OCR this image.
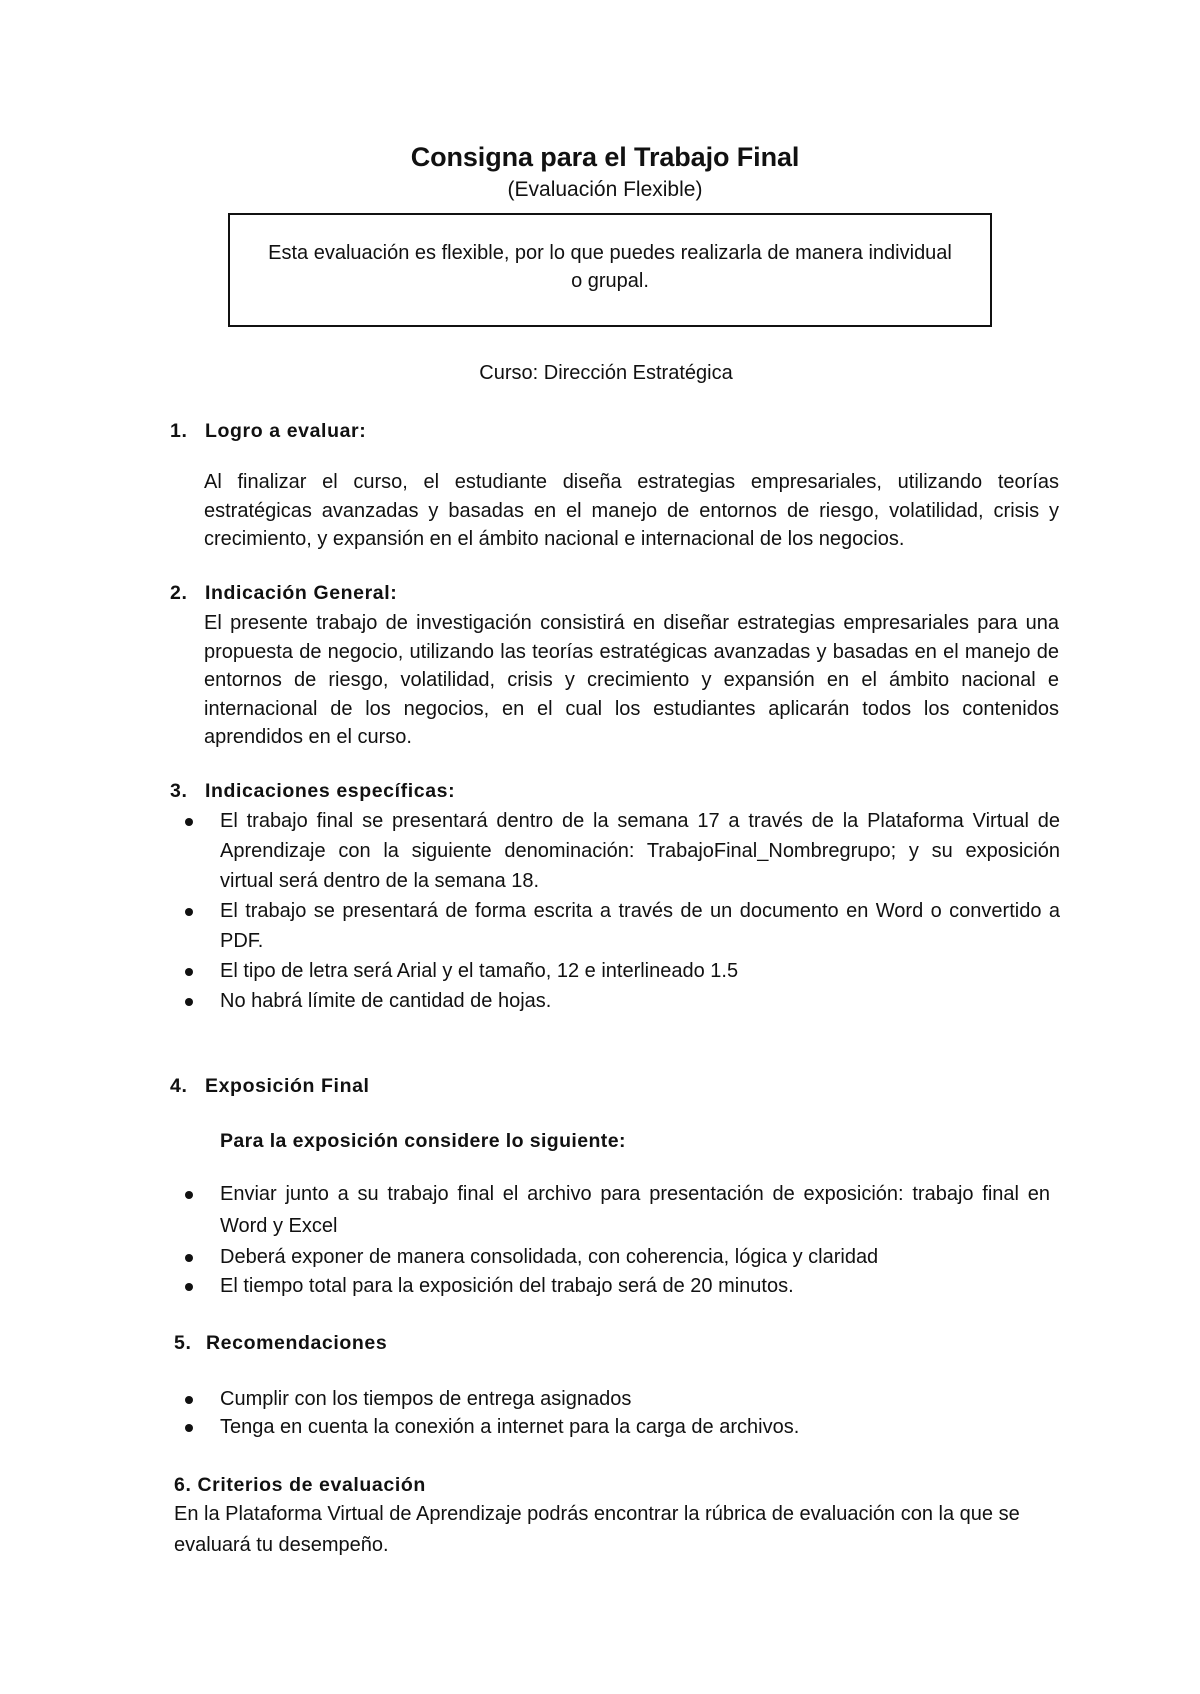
Consigna para el Trabajo Final
(Evaluación Flexible)
Esta evaluación es flexible, por lo que puedes realizarla de manera individual o grupal.
Curso: Dirección Estratégica
1. Logro a evaluar:
Al finalizar el curso, el estudiante diseña estrategias empresariales, utilizando teorías estratégicas avanzadas y basadas en el manejo de entornos de riesgo, volatilidad, crisis y crecimiento, y expansión en el ámbito nacional e internacional de los negocios.
2. Indicación General:
El presente trabajo de investigación consistirá en diseñar estrategias empresariales para una propuesta de negocio, utilizando las teorías estratégicas avanzadas y basadas en el manejo de entornos de riesgo, volatilidad, crisis y crecimiento y expansión en el ámbito nacional e internacional de los negocios, en el cual los estudiantes aplicarán todos los contenidos aprendidos en el curso.
3. Indicaciones específicas:
El trabajo final se presentará dentro de la semana 17 a través de la Plataforma Virtual de Aprendizaje con la siguiente denominación: TrabajoFinal_Nombregrupo; y su exposición virtual será dentro de la semana 18.
El trabajo se presentará de forma escrita a través de un documento en Word o convertido a PDF.
El tipo de letra será Arial y el tamaño, 12 e interlineado 1.5
No habrá límite de cantidad de hojas.
4. Exposición Final
Para la exposición considere lo siguiente:
Enviar junto a su trabajo final el archivo para presentación de exposición: trabajo final en Word y Excel
Deberá exponer de manera consolidada, con coherencia, lógica y claridad
El tiempo total para la exposición del trabajo será de 20 minutos.
5. Recomendaciones
Cumplir con los tiempos de entrega asignados
Tenga en cuenta la conexión a internet para la carga de archivos.
6. Criterios de evaluación
En la Plataforma Virtual de Aprendizaje podrás encontrar la rúbrica de evaluación con la que se evaluará tu desempeño.
